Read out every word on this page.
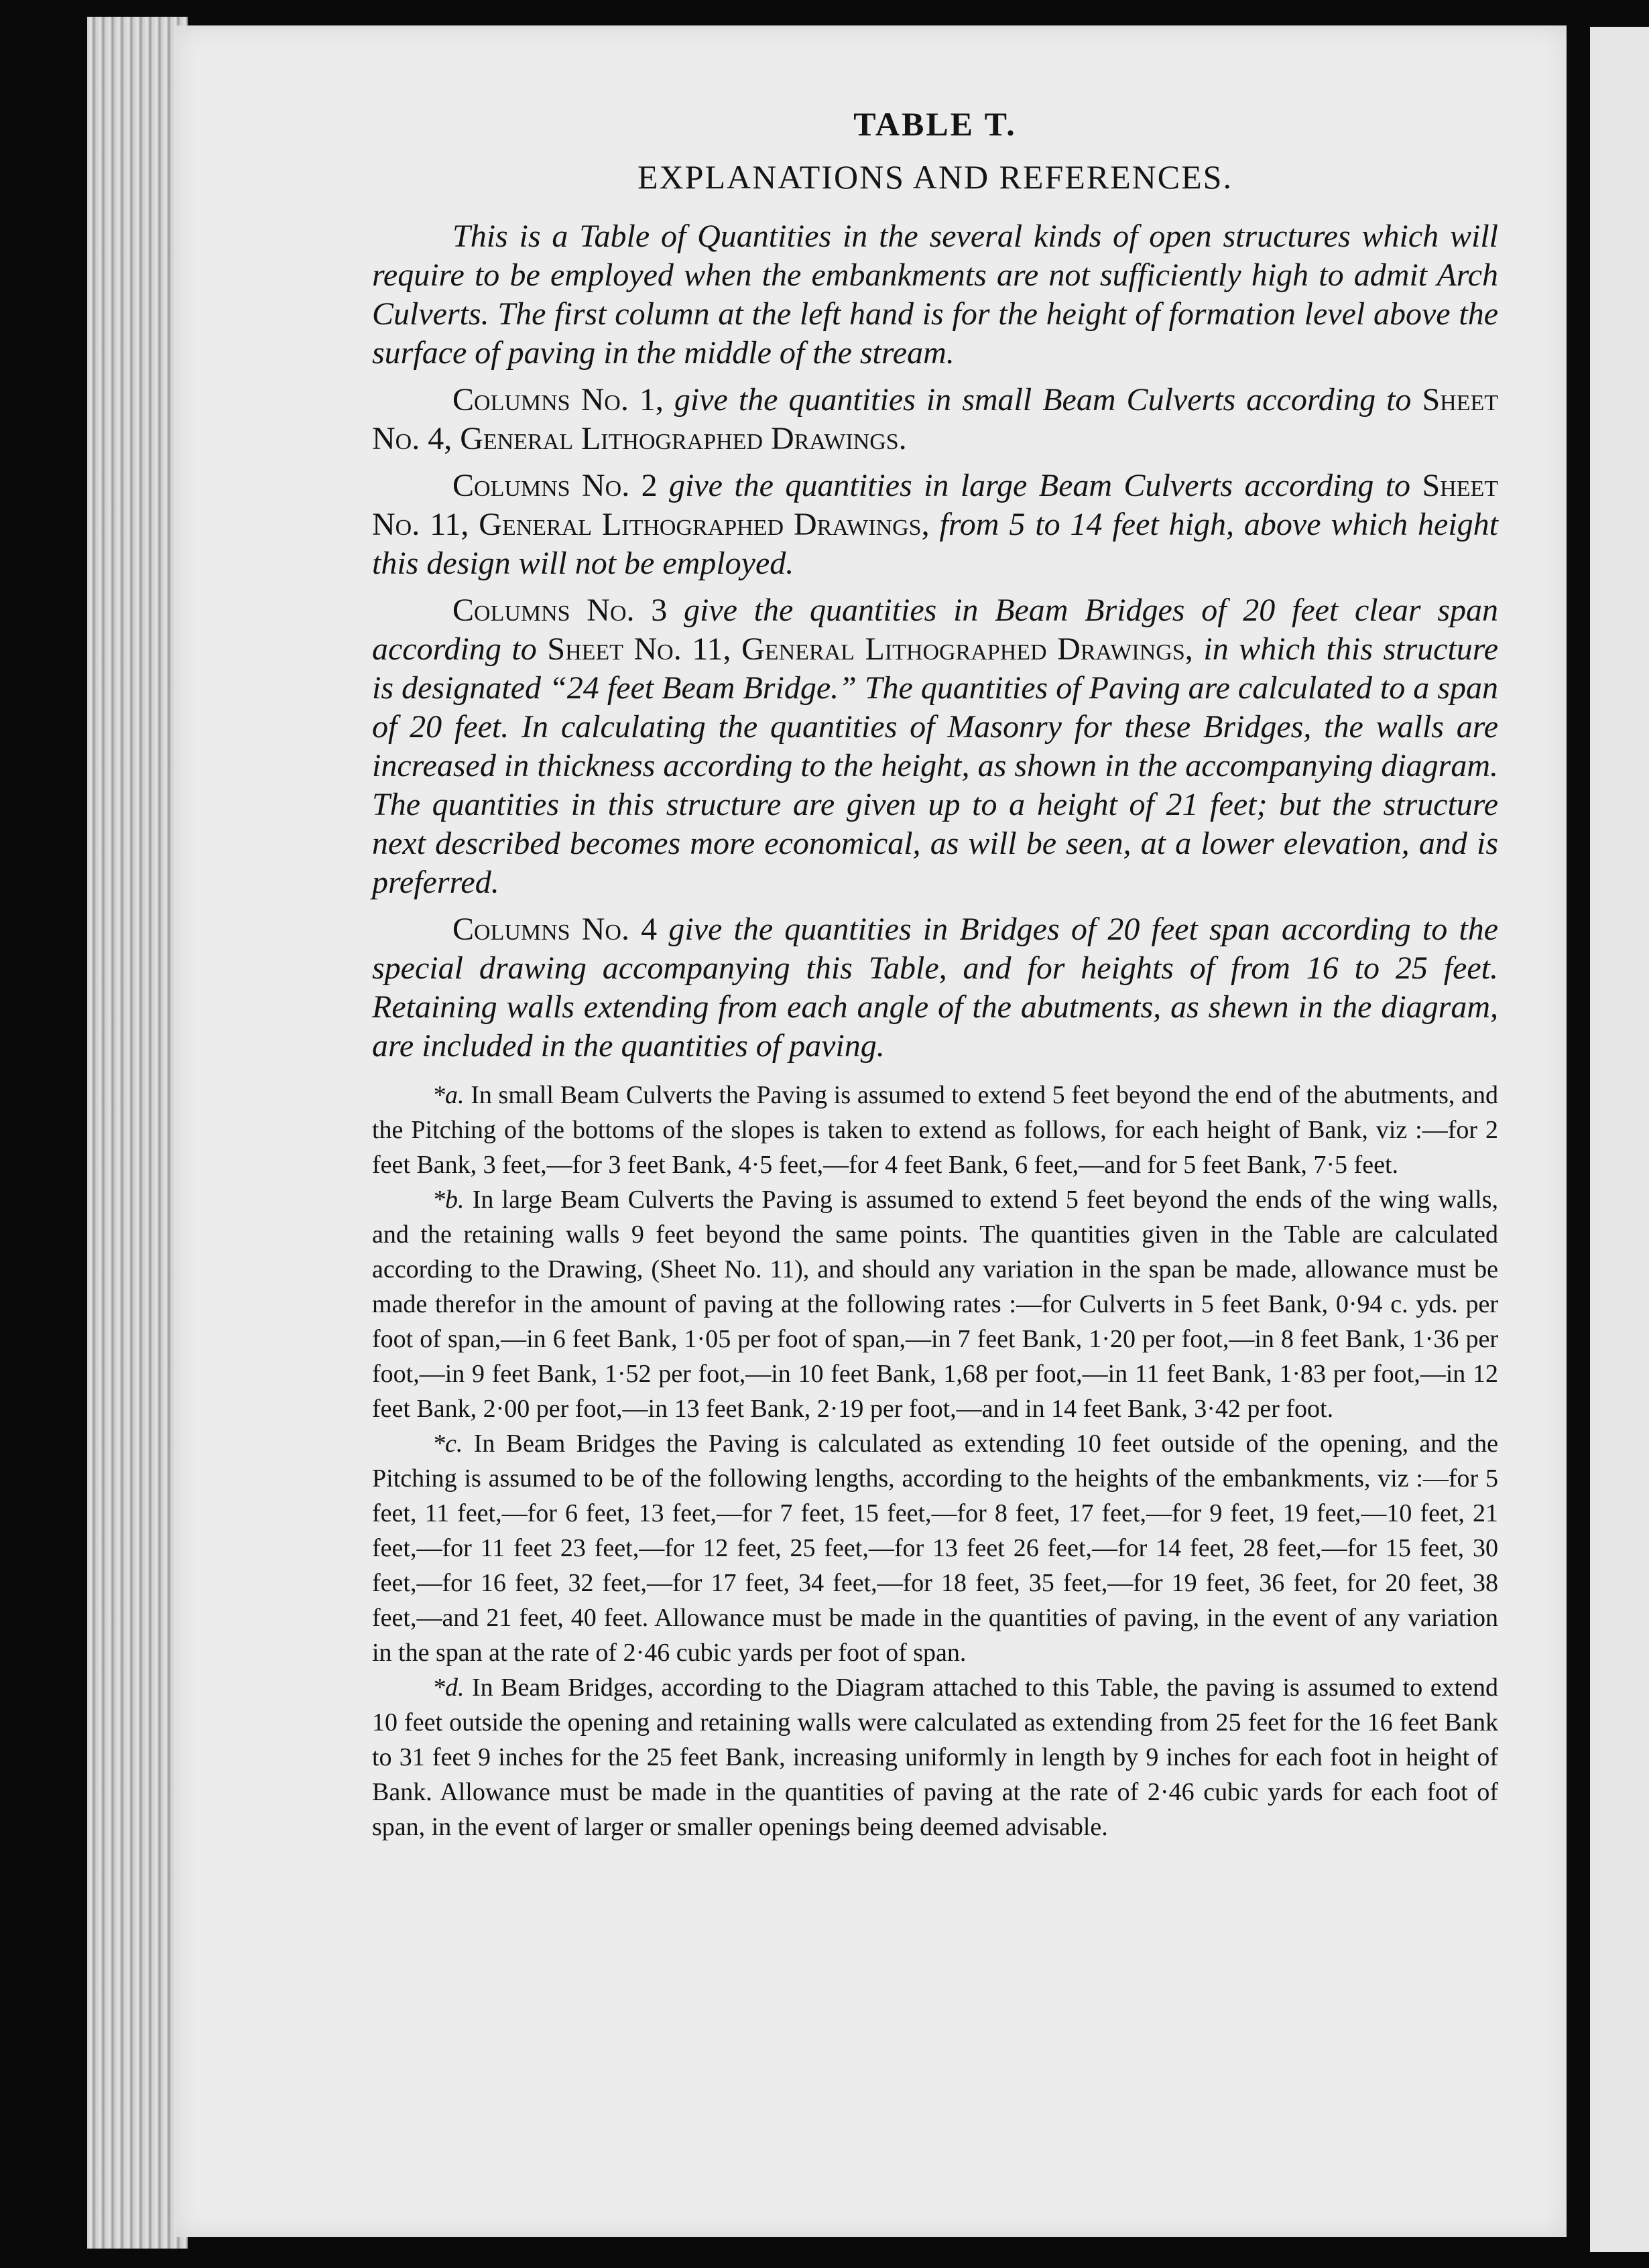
TABLE T.
EXPLANATIONS AND REFERENCES.

This is a Table of Quantities in the several kinds of open structures which will require to be employed when the embankments are not sufficiently high to admit Arch Culverts. The first column at the left hand is for the height of formation level above the surface of paving in the middle of the stream.

Columns No. 1, give the quantities in small Beam Culverts according to Sheet No. 4, General Lithographed Drawings.

Columns No. 2 give the quantities in large Beam Culverts according to Sheet No. 11, General Lithographed Drawings, from 5 to 14 feet high, above which height this design will not be employed.

Columns No. 3 give the quantities in Beam Bridges of 20 feet clear span according to Sheet No. 11, General Lithographed Drawings, in which this structure is designated “24 feet Beam Bridge.” The quantities of Paving are calculated to a span of 20 feet. In calculating the quantities of Masonry for these Bridges, the walls are increased in thickness according to the height, as shown in the accompanying diagram. The quantities in this structure are given up to a height of 21 feet; but the structure next described becomes more economical, as will be seen, at a lower elevation, and is preferred.

Columns No. 4 give the quantities in Bridges of 20 feet span according to the special drawing accompanying this Table, and for heights of from 16 to 25 feet. Retaining walls extending from each angle of the abutments, as shewn in the diagram, are included in the quantities of paving.

*a. In small Beam Culverts the Paving is assumed to extend 5 feet beyond the end of the abutments, and the Pitching of the bottoms of the slopes is taken to extend as follows, for each height of Bank, viz :—for 2 feet Bank, 3 feet,—for 3 feet Bank, 4·5 feet,—for 4 feet Bank, 6 feet,—and for 5 feet Bank, 7·5 feet.

*b. In large Beam Culverts the Paving is assumed to extend 5 feet beyond the ends of the wing walls, and the retaining walls 9 feet beyond the same points. The quantities given in the Table are calculated according to the Drawing, (Sheet No. 11), and should any variation in the span be made, allowance must be made therefor in the amount of paving at the following rates :—for Culverts in 5 feet Bank, 0·94 c. yds. per foot of span,—in 6 feet Bank, 1·05 per foot of span,—in 7 feet Bank, 1·20 per foot,—in 8 feet Bank, 1·36 per foot,—in 9 feet Bank, 1·52 per foot,—in 10 feet Bank, 1,68 per foot,—in 11 feet Bank, 1·83 per foot,—in 12 feet Bank, 2·00 per foot,—in 13 feet Bank, 2·19 per foot,—and in 14 feet Bank, 3·42 per foot.

*c. In Beam Bridges the Paving is calculated as extending 10 feet outside of the opening, and the Pitching is assumed to be of the following lengths, according to the heights of the embankments, viz :—for 5 feet, 11 feet,—for 6 feet, 13 feet,—for 7 feet, 15 feet,—for 8 feet, 17 feet,—for 9 feet, 19 feet,—10 feet, 21 feet,—for 11 feet 23 feet,—for 12 feet, 25 feet,—for 13 feet 26 feet,—for 14 feet, 28 feet,—for 15 feet, 30 feet,—for 16 feet, 32 feet,—for 17 feet, 34 feet,—for 18 feet, 35 feet,—for 19 feet, 36 feet, for 20 feet, 38 feet,—and 21 feet, 40 feet. Allowance must be made in the quantities of paving, in the event of any variation in the span at the rate of 2·46 cubic yards per foot of span.

*d. In Beam Bridges, according to the Diagram attached to this Table, the paving is assumed to extend 10 feet outside the opening and retaining walls were calculated as extending from 25 feet for the 16 feet Bank to 31 feet 9 inches for the 25 feet Bank, increasing uniformly in length by 9 inches for each foot in height of Bank. Allowance must be made in the quantities of paving at the rate of 2·46 cubic yards for each foot of span, in the event of larger or smaller openings being deemed advisable.
